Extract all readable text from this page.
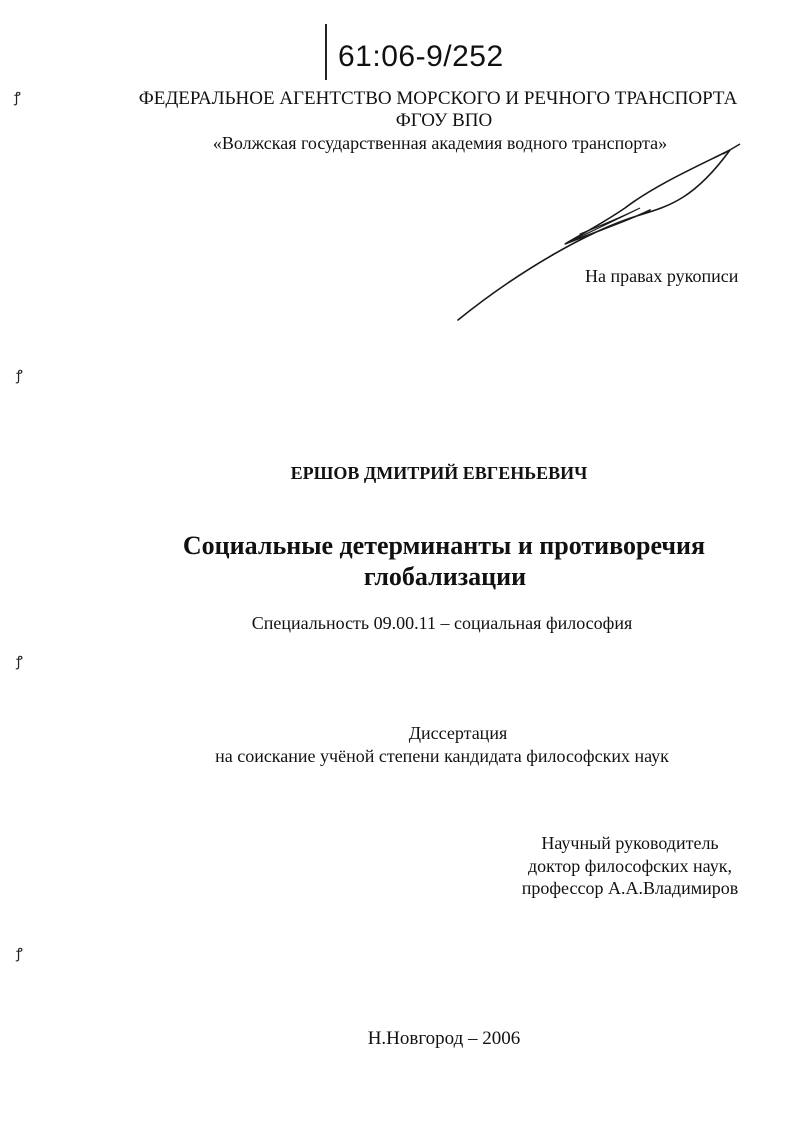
61:06-9/252
ФЕДЕРАЛЬНОЕ АГЕНТСТВО МОРСКОГО И РЕЧНОГО ТРАНСПОРТА
ФГОУ ВПО
«Волжская государственная академия водного транспорта»
На правах рукописи
ЕРШОВ ДМИТРИЙ ЕВГЕНЬЕВИЧ
Социальные детерминанты и противоречия
глобализации
Специальность 09.00.11 – социальная философия
Диссертация
на соискание учёной степени кандидата философских наук
Научный руководитель
доктор философских наук,
профессор А.А.Владимиров
Н.Новгород – 2006
ꝭ
ꝭ
ꝭ
ꝭ
